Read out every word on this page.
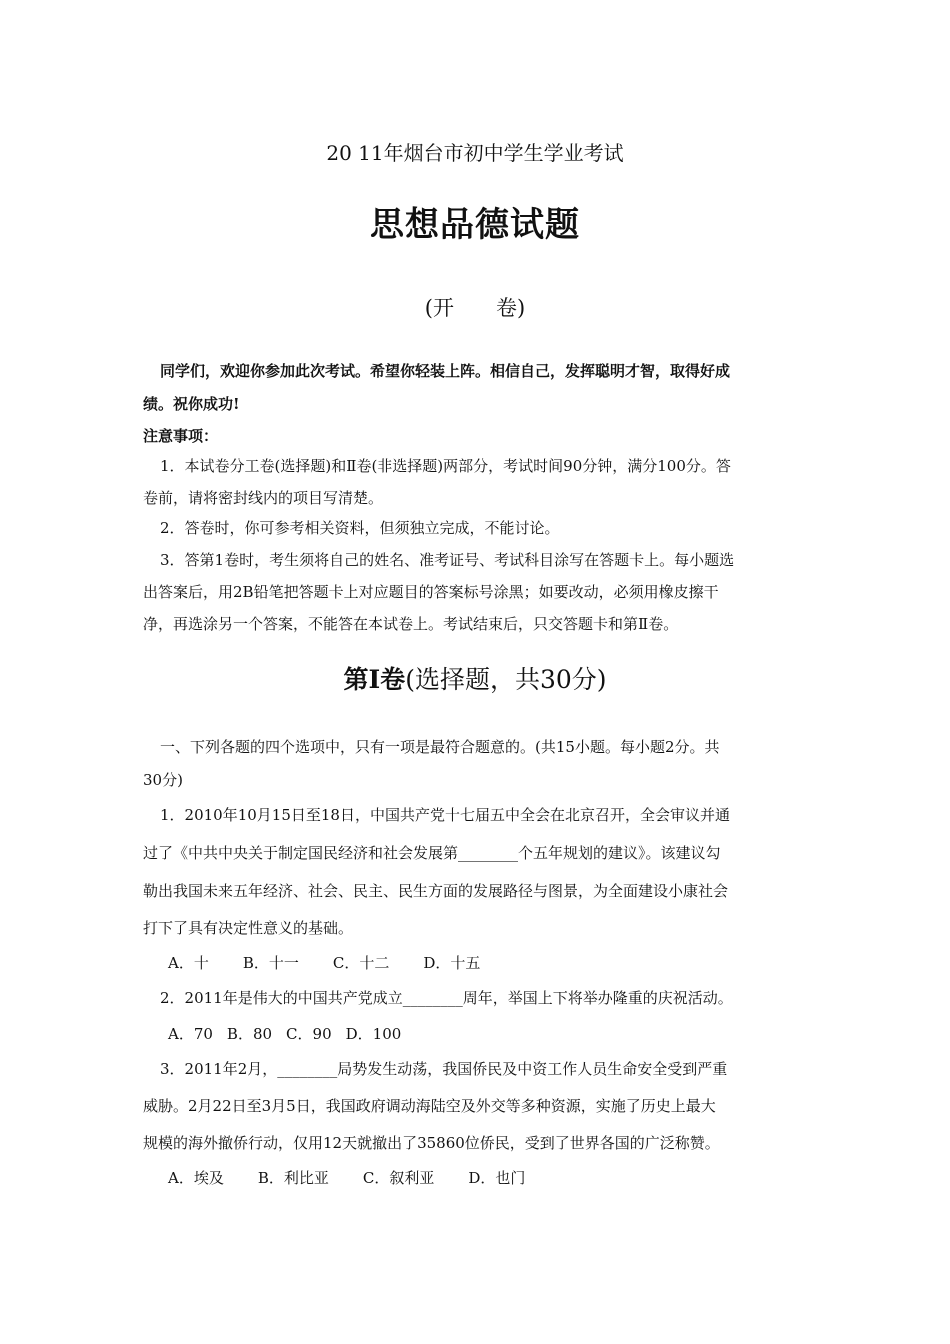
20 11年烟台市初中学生学业考试
思想品德试题
(开　　卷)
同学们，欢迎你参加此次考试。希望你轻装上阵。相信自己，发挥聪明才智，取得好成
绩。祝你成功!
注意事项：
1．本试卷分工卷(选择题)和Ⅱ卷(非选择题)两部分，考试时间90分钟，满分100分。答
卷前，请将密封线内的项目写清楚。
2．答卷时，你可参考相关资料，但须独立完成，不能讨论。
3．答第1卷时，考生须将自己的姓名、准考证号、考试科目涂写在答题卡上。每小题选
出答案后，用2B铅笔把答题卡上对应题目的答案标号涂黑；如要改动，必须用橡皮擦干
净，再选涂另一个答案，不能答在本试卷上。考试结束后，只交答题卡和第Ⅱ卷。
第Ⅰ卷(选择题，共30分)
一、下列各题的四个选项中，只有一项是最符合题意的。(共15小题。每小题2分。共
30分)
1．2010年10月15日至18日，中国共产党十七届五中全会在北京召开，全会审议并通
过了《中共中央关于制定国民经济和社会发展第________个五年规划的建议》。该建议勾
勒出我国未来五年经济、社会、民主、民生方面的发展路径与图景，为全面建设小康社会
打下了具有决定性意义的基础。
A．十 B．十一 C．十二 D．十五
2．2011年是伟大的中国共产党成立________周年，举国上下将举办隆重的庆祝活动。
A．70 B．80 C．90 D．100
3．2011年2月，________局势发生动荡，我国侨民及中资工作人员生命安全受到严重
威胁。2月22日至3月5日，我国政府调动海陆空及外交等多种资源，实施了历史上最大
规模的海外撤侨行动，仅用12天就撤出了35860位侨民，受到了世界各国的广泛称赞。
A．埃及 B．利比亚 C．叙利亚 D．也门
